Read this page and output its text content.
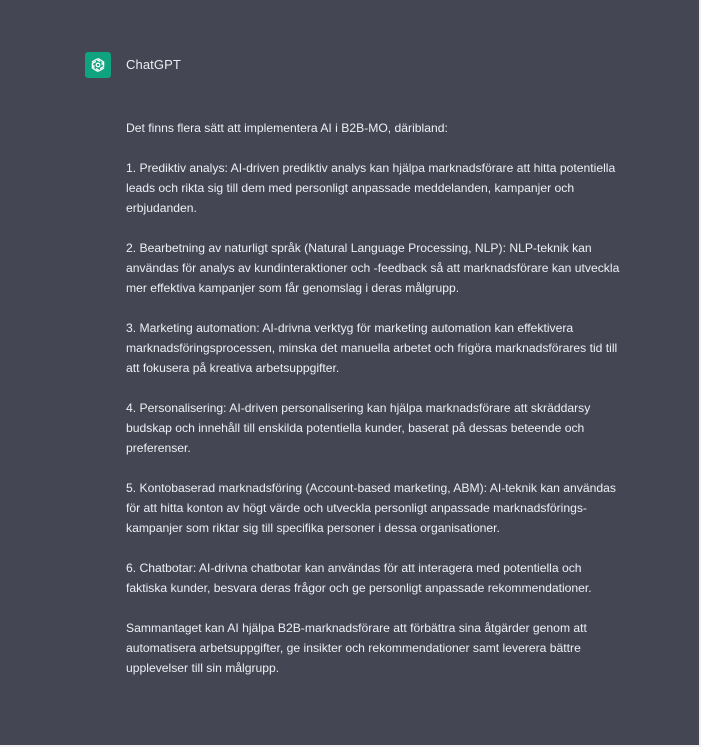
ChatGPT

Det finns flera sätt att implementera AI i B2B-MO, däribland:

1. Prediktiv analys: AI-driven prediktiv analys kan hjälpa marknadsförare att hitta potentiella leads och rikta sig till dem med personligt anpassade meddelanden, kampanjer och erbjudanden.

2. Bearbetning av naturligt språk (Natural Language Processing, NLP): NLP-teknik kan användas för analys av kundinteraktioner och -feedback så att marknadsförare kan utveckla mer effektiva kampanjer som får genomslag i deras målgrupp.

3. Marketing automation: AI-drivna verktyg för marketing automation kan effektivera marknadsföringsprocessen, minska det manuella arbetet och frigöra marknadsförares tid till att fokusera på kreativa arbetsuppgifter.

4. Personalisering: AI-driven personalisering kan hjälpa marknadsförare att skräddarsy budskap och innehåll till enskilda potentiella kunder, baserat på dessas beteende och preferenser.

5. Kontobaserad marknadsföring (Account-based marketing, ABM): AI-teknik kan användas för att hitta konton av högt värde och utveckla personligt anpassade marknadsförings-kampanjer som riktar sig till specifika personer i dessa organisationer.

6. Chatbotar: AI-drivna chatbotar kan användas för att interagera med potentiella och faktiska kunder, besvara deras frågor och ge personligt anpassade rekommendationer.

Sammantaget kan AI hjälpa B2B-marknadsförare att förbättra sina åtgärder genom att automatisera arbetsuppgifter, ge insikter och rekommendationer samt leverera bättre upplevelser till sin målgrupp.
